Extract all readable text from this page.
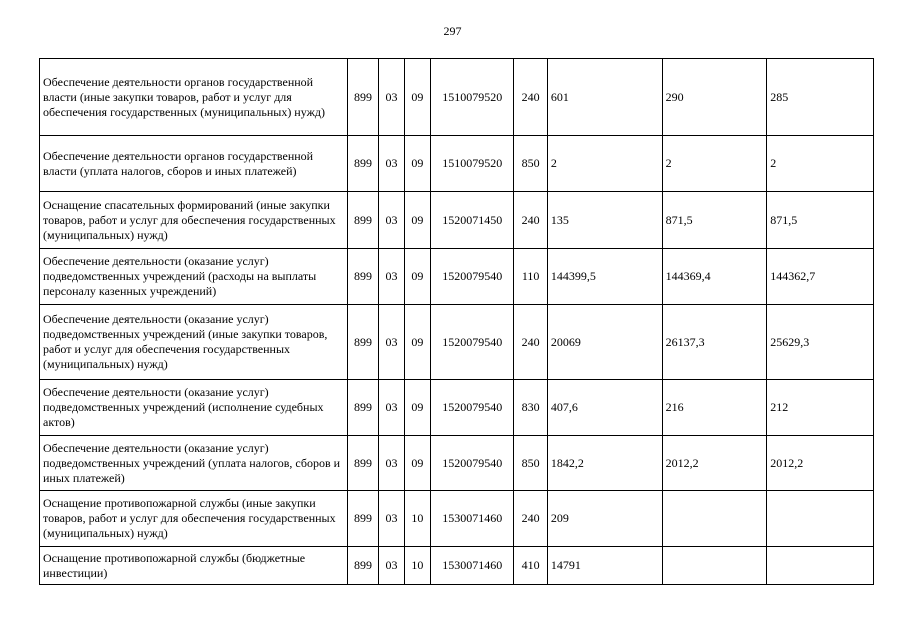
297
Обеспечение деятельности органов государственной власти (иные закупки товаров, работ и услуг для обеспечения государственных (муниципальных) нужд)	899	03	09	1510079520	240	601	290	285
Обеспечение деятельности органов государственной власти (уплата налогов, сборов и иных платежей)	899	03	09	1510079520	850	2	2	2
Оснащение спасательных формирований (иные закупки товаров, работ и услуг для обеспечения государственных (муниципальных) нужд)	899	03	09	1520071450	240	135	871,5	871,5
Обеспечение деятельности (оказание услуг) подведомственных учреждений (расходы на выплаты персоналу казенных учреждений)	899	03	09	1520079540	110	144399,5	144369,4	144362,7
Обеспечение деятельности (оказание услуг) подведомственных учреждений (иные закупки товаров, работ и услуг для обеспечения государственных (муниципальных) нужд)	899	03	09	1520079540	240	20069	26137,3	25629,3
Обеспечение деятельности (оказание услуг) подведомственных учреждений (исполнение судебных актов)	899	03	09	1520079540	830	407,6	216	212
Обеспечение деятельности (оказание услуг) подведомственных учреждений (уплата налогов, сборов и иных платежей)	899	03	09	1520079540	850	1842,2	2012,2	2012,2
Оснащение противопожарной службы (иные закупки товаров, работ и услуг для обеспечения государственных (муниципальных) нужд)	899	03	10	1530071460	240	209		
Оснащение противопожарной службы (бюджетные инвестиции)	899	03	10	1530071460	410	14791		
